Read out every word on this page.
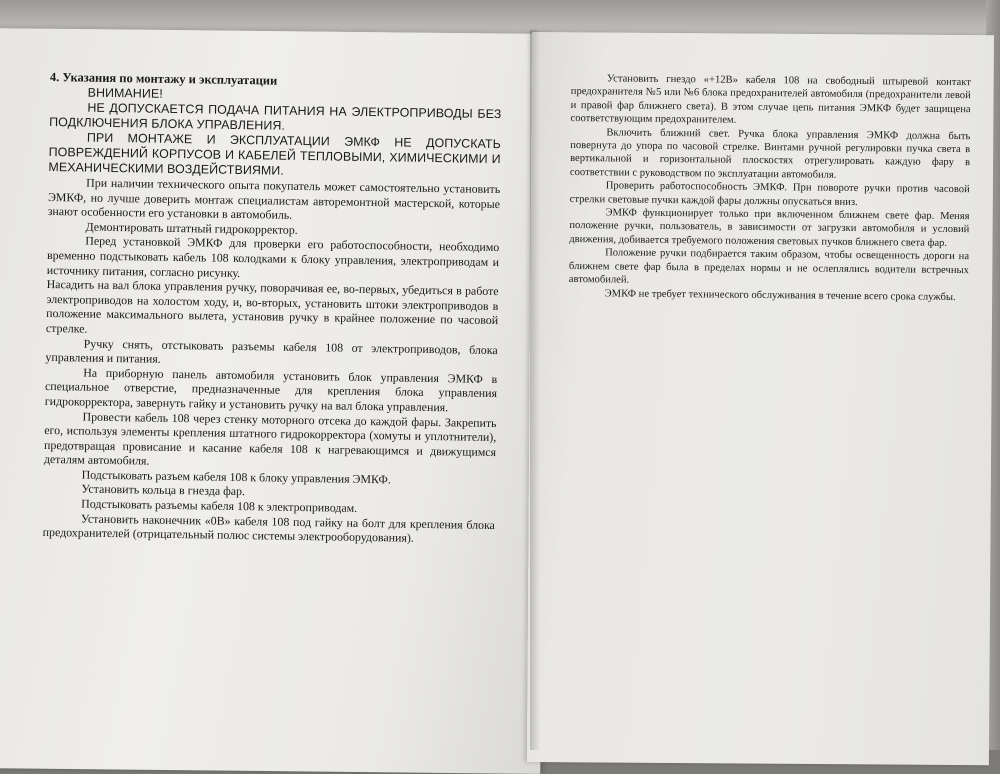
4. Указания по монтажу и эксплуатации

ВНИМАНИЕ!

НЕ ДОПУСКАЕТСЯ ПОДАЧА ПИТАНИЯ НА ЭЛЕКТРОПРИВОДЫ БЕЗ ПОДКЛЮЧЕНИЯ БЛОКА УПРАВЛЕНИЯ.

ПРИ МОНТАЖЕ И ЭКСПЛУАТАЦИИ ЭМКФ НЕ ДОПУСКАТЬ ПОВРЕЖДЕНИЙ КОРПУСОВ И КАБЕЛЕЙ ТЕПЛОВЫМИ, ХИМИЧЕСКИМИ И МЕХАНИЧЕСКИМИ ВОЗДЕЙСТВИЯМИ.

При наличии технического опыта покупатель может самостоятельно установить ЭМКФ, но лучше доверить монтаж специалистам авторемонтной мастерской, которые знают особенности его установки в автомобиль.

Демонтировать штатный гидрокорректор.

Перед установкой ЭМКФ для проверки его работоспособности, необходимо временно подстыковать кабель 108 колодками к блоку управления, электроприводам и источнику питания, согласно рисунку.

Насадить на вал блока управления ручку, поворачивая ее, во-первых, убедиться в работе электроприводов на холостом ходу, и, во-вторых, установить штоки электроприводов в положение максимального вылета, установив ручку в крайнее положение по часовой стрелке.

Ручку снять, отстыковать разъемы кабеля 108 от электроприводов, блока управления и питания.

На приборную панель автомобиля установить блок управления ЭМКФ в специальное отверстие, предназначенные для крепления блока управления гидрокорректора, завернуть гайку и установить ручку на вал блока управления.

Провести кабель 108 через стенку моторного отсека до каждой фары. Закрепить его, используя элементы крепления штатного гидрокорректора (хомуты и уплотнители), предотвращая провисание и касание кабеля 108 к нагревающимся и движущимся деталям автомобиля.

Подстыковать разъем кабеля 108 к блоку управления ЭМКФ.

Установить кольца в гнезда фар.

Подстыковать разъемы кабеля 108 к электроприводам.

Установить наконечник «0В» кабеля 108 под гайку на болт для крепления блока предохранителей (отрицательный полюс системы электрооборудования).

Установить гнездо «+12В» кабеля 108 на свободный штыревой контакт предохранителя №5 или №6 блока предохранителей автомобиля (предохранители левой и правой фар ближнего света). В этом случае цепь питания ЭМКФ будет защищена соответствующим предохранителем.

Включить ближний свет. Ручка блока управления ЭМКФ должна быть повернута до упора по часовой стрелке. Винтами ручной регулировки пучка света в вертикальной и горизонтальной плоскостях отрегулировать каждую фару в соответствии с руководством по эксплуатации автомобиля.

Проверить работоспособность ЭМКФ. При повороте ручки против часовой стрелки световые пучки каждой фары должны опускаться вниз.

ЭМКФ функционирует только при включенном ближнем свете фар. Меняя положение ручки, пользователь, в зависимости от загрузки автомобиля и условий движения, добивается требуемого положения световых пучков ближнего света фар.

Положение ручки подбирается таким образом, чтобы освещенность дороги на ближнем свете фар была в пределах нормы и не ослеплялись водители встречных автомобилей.

ЭМКФ не требует технического обслуживания в течение всего срока службы.
